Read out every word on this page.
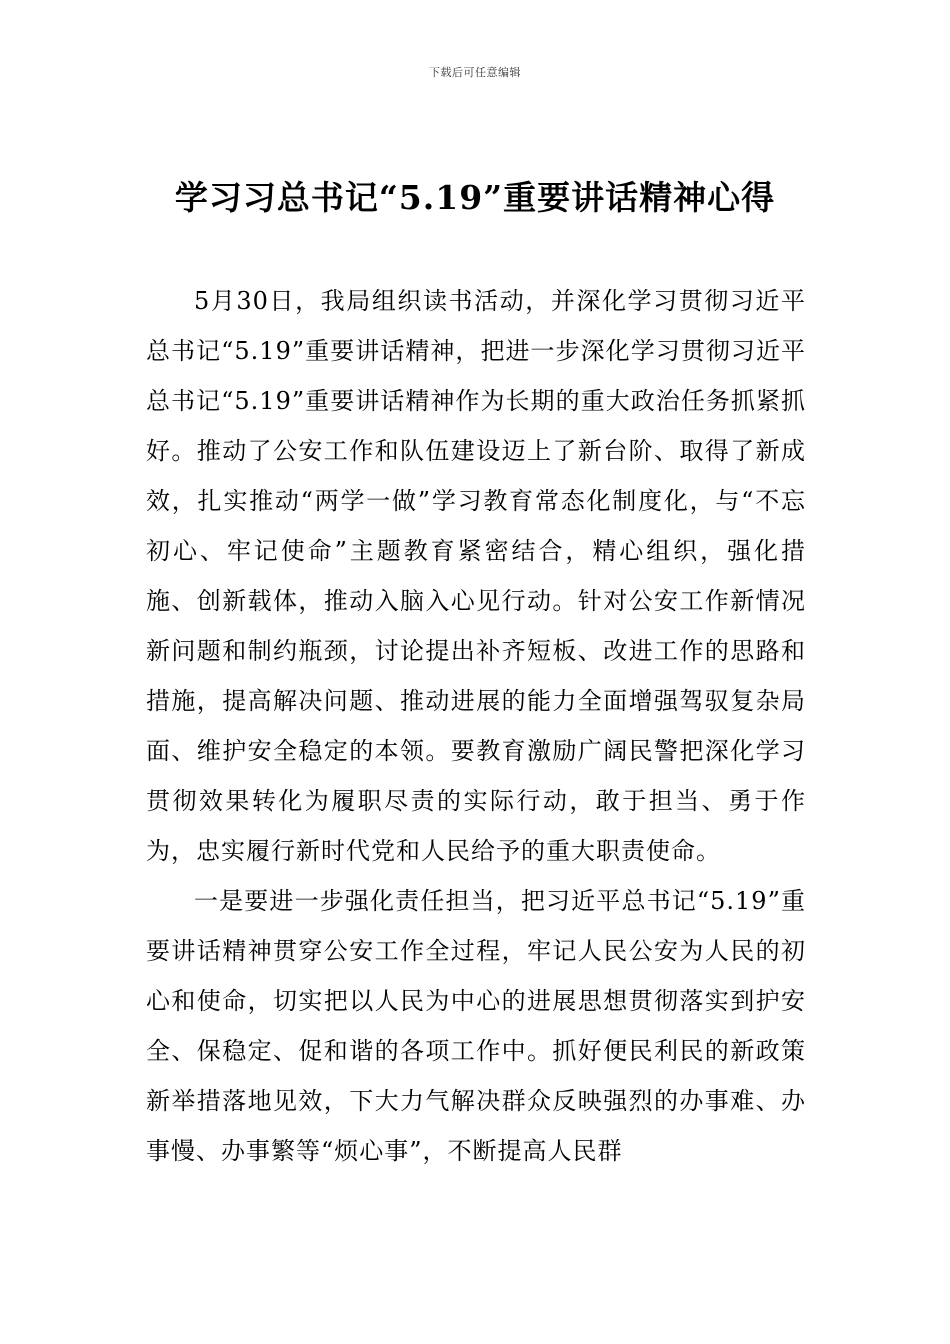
下载后可任意编辑
学习习总书记“5.19”重要讲话精神心得

5月30日，我局组织读书活动，并深化学习贯彻习近平总书记“5.19”重要讲话精神，把进一步深化学习贯彻习近平总书记“5.19”重要讲话精神作为长期的重大政治任务抓紧抓好。推动了公安工作和队伍建设迈上了新台阶、取得了新成效，扎实推动“两学一做”学习教育常态化制度化，与“不忘初心、牢记使命”主题教育紧密结合，精心组织，强化措施、创新载体，推动入脑入心见行动。针对公安工作新情况新问题和制约瓶颈，讨论提出补齐短板、改进工作的思路和措施，提高解决问题、推动进展的能力全面增强驾驭复杂局面、维护安全稳定的本领。要教育激励广阔民警把深化学习贯彻效果转化为履职尽责的实际行动，敢于担当、勇于作为，忠实履行新时代党和人民给予的重大职责使命。

一是要进一步强化责任担当，把习近平总书记“5.19”重要讲话精神贯穿公安工作全过程，牢记人民公安为人民的初心和使命，切实把以人民为中心的进展思想贯彻落实到护安全、保稳定、促和谐的各项工作中。抓好便民利民的新政策新举措落地见效，下大力气解决群众反映强烈的办事难、办事慢、办事繁等“烦心事”，不断提高人民群
